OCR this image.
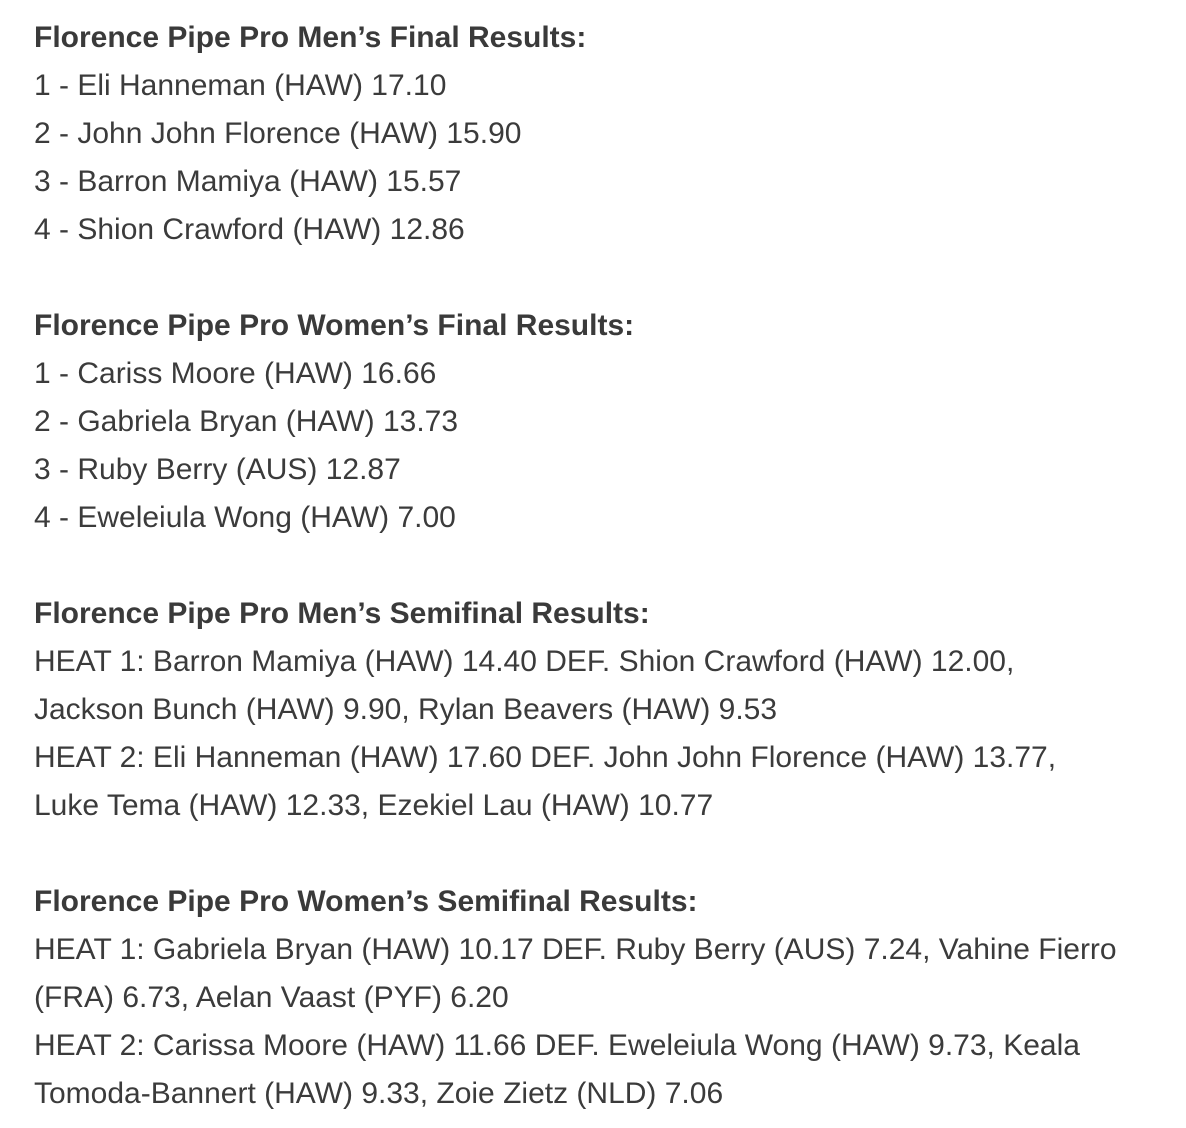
Florence Pipe Pro Men’s Final Results:

1 - Eli Hanneman (HAW) 17.10

2 - John John Florence (HAW) 15.90

3 - Barron Mamiya (HAW) 15.57

4 - Shion Crawford (HAW) 12.86

Florence Pipe Pro Women’s Final Results:

1 - Cariss Moore (HAW) 16.66

2 - Gabriela Bryan (HAW) 13.73

3 - Ruby Berry (AUS) 12.87

4 - Eweleiula Wong (HAW) 7.00

Florence Pipe Pro Men’s Semifinal Results:

HEAT 1: Barron Mamiya (HAW) 14.40 DEF. Shion Crawford (HAW) 12.00,

Jackson Bunch (HAW) 9.90, Rylan Beavers (HAW) 9.53

HEAT 2: Eli Hanneman (HAW) 17.60 DEF. John John Florence (HAW) 13.77,

Luke Tema (HAW) 12.33, Ezekiel Lau (HAW) 10.77

Florence Pipe Pro Women’s Semifinal Results:

HEAT 1: Gabriela Bryan (HAW) 10.17 DEF. Ruby Berry (AUS) 7.24, Vahine Fierro

(FRA) 6.73, Aelan Vaast (PYF) 6.20

HEAT 2: Carissa Moore (HAW) 11.66 DEF. Eweleiula Wong (HAW) 9.73, Keala

Tomoda-Bannert (HAW) 9.33, Zoie Zietz (NLD) 7.06
